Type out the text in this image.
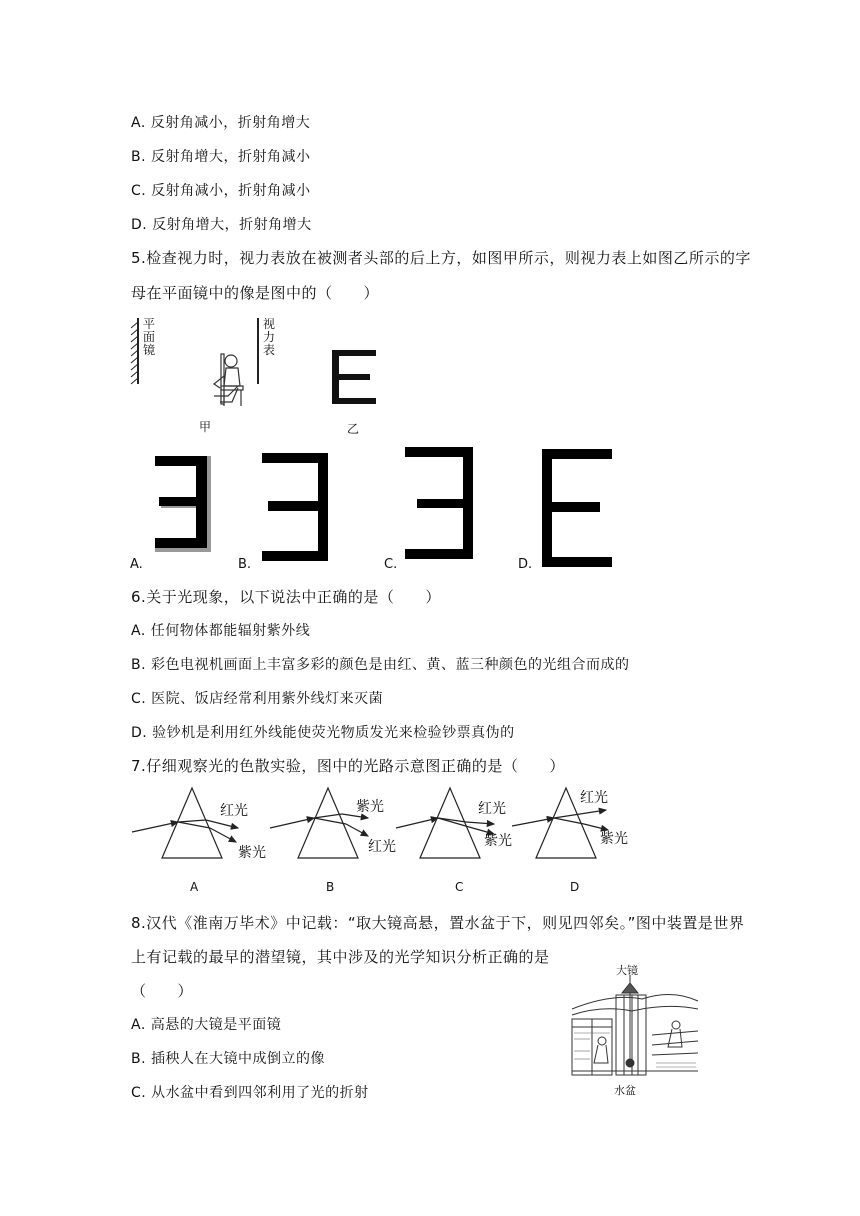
A. 反射角减小，折射角增大
B. 反射角增大，折射角减小
C. 反射角减小，折射角减小
D. 反射角增大，折射角增大
5.检查视力时，视力表放在被测者头部的后上方，如图甲所示，则视力表上如图乙所示的字
母在平面镜中的像是图中的（　　）
平
面
镜
视
力
表
甲	乙
A.	B.	C.	D.
6.关于光现象，以下说法中正确的是（　　）
A. 任何物体都能辐射紫外线
B. 彩色电视机画面上丰富多彩的颜色是由红、黄、蓝三种颜色的光组合而成的
C. 医院、饭店经常利用紫外线灯来灭菌
D. 验钞机是利用红外线能使荧光物质发光来检验钞票真伪的
7.仔细观察光的色散实验，图中的光路示意图正确的是（　　）
红光
紫光
紫光
红光
红光
紫光
红光
紫光
A	B	C	D
8.汉代《淮南万毕术》中记载：“取大镜高悬，置水盆于下，则见四邻矣。”图中装置是世界
上有记载的最早的潜望镜，其中涉及的光学知识分析正确的是
（　　）
A. 高悬的大镜是平面镜
B. 插秧人在大镜中成倒立的像
C. 从水盆中看到四邻利用了光的折射
大镜
水盆
